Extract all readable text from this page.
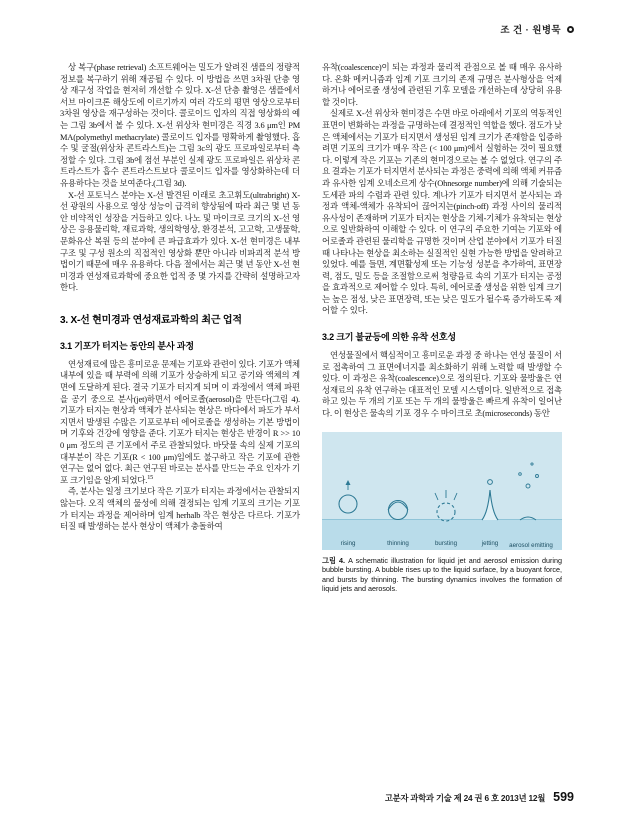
조 건 · 원병묵

상 복구(phase retrieval) 소프트웨어는 밀도가 알려진 샘플의 정량적 정보를 복구하기 위해 재공될 수 있다. 이 방법을 쓰면 3차원 단층 영상 재구성 작업을 현저히 개선할 수 있다. X-선 단층 촬영은 샘플에서 서브 마이크론 해상도에 이르기까지 여러 각도의 평면 영상으로부터 3차원 영상을 재구성하는 것이다. 콜로이드 입자의 직접 영상화의 예는 그림 3b에서 볼 수 있다. X-선 위상차 현미경은 직경 3.6 μm인 PMMA(polymethyl methacrylate) 콜로이드 입자를 명확하게 촬영했다. 흡수 및 굴절(위상차 콘트라스트)는 그림 3c의 광도 프로파일로부터 측정할 수 있다. 그림 3b에 점선 부분인 실제 광도 프로파일은 위상차 콘트라스트가 흡수 콘트라스트보다 콜로이드 입자를 영상화하는데 더 유용하다는 것을 보여준다.(그림 3d).

X-선 포토닉스 분야는 X-선 발견된 이래로 초고휘도(ultrabright) X-선 광원의 사용으로 영상 성능이 급격히 향상됨에 따라 최근 몇 년 동안 비약적인 성장을 거듭하고 있다. 나노 및 마이크로 크기의 X-선 영상은 응용물리학, 재료과학, 생의학영상, 환경분석, 고고학, 고생물학, 문화유산 복원 등의 분야에 큰 파급효과가 있다. X-선 현미경은 내부 구조 및 구성 원소의 직접적인 영상화 뿐만 아니라 비파괴적 분석 방법이기 때문에 매우 유용하다. 다음 절에서는 최근 몇 년 동안 X-선 현미경과 연성재료과학에 중요한 업적 중 몇 가지를 간략히 설명하고자 한다.

3. X-선 현미경과 연성재료과학의 최근 업적
3.1 기포가 터지는 동안의 분사 과정

연성재료에 많은 흥미로운 문제는 기포와 관련이 있다. 기포가 액체 내부에 있을 때 부력에 의해 기포가 상승하게 되고 공기와 액체의 계면에 도달하게 된다. 결국 기포가 터지게 되며 이 과정에서 액체 파편을 공기 중으로 분사(jet)하면서 에어로졸(aerosol)을 만든다(그림 4). 기포가 터지는 현상과 액체가 분사되는 현상은 바다에서 파도가 부서지면서 발생된 수많은 기포로부터 에어로졸을 생성하는 기본 방법이며 기후와 건강에 영향을 준다. 기포가 터지는 현상은 반경이 R >> 100 μm 정도의 큰 기포에서 주로 관찰되었다. 바닷물 속의 실제 기포의 대부분이 작은 기포(R < 100 μm)임에도 불구하고 작은 기포에 관한 연구는 없어 없다. 최근 연구된 바로는 분사를 만드는 주요 인자가 기포 크기임을 알게 되었다.$^{15}$

즉, 분사는 일정 크기보다 작은 기포가 터지는 과정에서는 관찰되지 않는다. 오직 액체의 물성에 의해 결정되는 임계 기포의 크기는 기포가 터지는 과정을 제어하며 임계 herhalb 작은 현상은 다르다. 기포가 터질 때 발생하는 분사 현상이 액체가 충돌하여

유착(coalescence)이 되는 과정과 물리적 관점으로 볼 때 매우 유사하다. 온화 메커니즘과 임계 기포 크기의 존재 규명은 분사형상을 억제하거나 에어로졸 생성에 관련된 기후 모델을 개선하는데 상당히 유용할 것이다.

실제로 X-선 위상차 현미경은 수면 바로 아래에서 기포의 역동적인 표면이 변화하는 과정을 규명하는데 결정적인 역할을 했다. 점도가 낮은 액체에서는 기포가 터지면서 생성된 임계 크기가 존재함을 입증하려면 기포의 크기가 매우 작은 (< 100 μm)에서 실험하는 것이 필요했다. 이렇게 작은 기포는 기존의 현미경으로는 볼 수 없었다. 연구의 주요 결과는 기포가 터지면서 분사되는 과정은 중력에 의해 액체 커뮤즘과 유사한 임계 오네소르게 상수(Ohnesorge number)에 의해 기술되는 도세관 파의 수렴과 관련 있다. 계나가 기포가 터지면서 분사되는 과정과 액체-액체가 유착되어 끊어지는(pinch-off) 과정 사이의 물리적 유사성이 존재하며 기포가 터지는 현상을 기체-기체가 유착되는 현상으로 일반화하여 이해할 수 있다. 이 연구의 주요한 기여는 기포와 에어로졸과 관련된 물리학을 규명한 것이며 산업 분야에서 기포가 터질 때 나타나는 현상을 최소하는 실질적인 실현 가능한 방법을 알려하고 있었다. 예를 들면, 계면활성제 또는 기능성 성분을 추가하여, 표면장력, 점도, 밀도 등을 조절함으로써 청량음료 속의 기포가 터지는 공정을 효과적으로 제어할 수 있다. 특히, 에어로졸 생성을 위한 임계 크기는 높은 점성, 낮은 표면장력, 또는 낮은 밀도가 될수록 증가하도록 제어할 수 있다.

3.2 크기 불균등에 의한 유착 선호성

연성물질에서 핵심적이고 흥미로운 과정 중 하나는 연성 물질이 서로 접촉하여 그 표면에너지를 최소화하기 위해 노력할 때 발생할 수 있다. 이 과정은 유착(coalescence)으로 정의된다. 기포와 물방울은 연성재료의 유착 연구하는 대표적인 모델 시스템이다. 일반적으로 접촉하고 있는 두 개의 기포 또는 두 개의 물방울은 빠르게 유착이 일어난다. 이 현상은 물속의 기포 경우 수 마이크로 초(microseconds) 동안

rising	thinning	bursting	jetting aerosol emitting
그림 4. A schematic illustration for liquid jet and aerosol emission during bubble bursting. A bubble rises up to the liquid surface, by a buoyant force, and bursts by thinning. The bursting dynamics involves the formation of liquid jets and aerosols.
고분자 과학과 기술 제 24 권 6 호 2013년 12월 599
